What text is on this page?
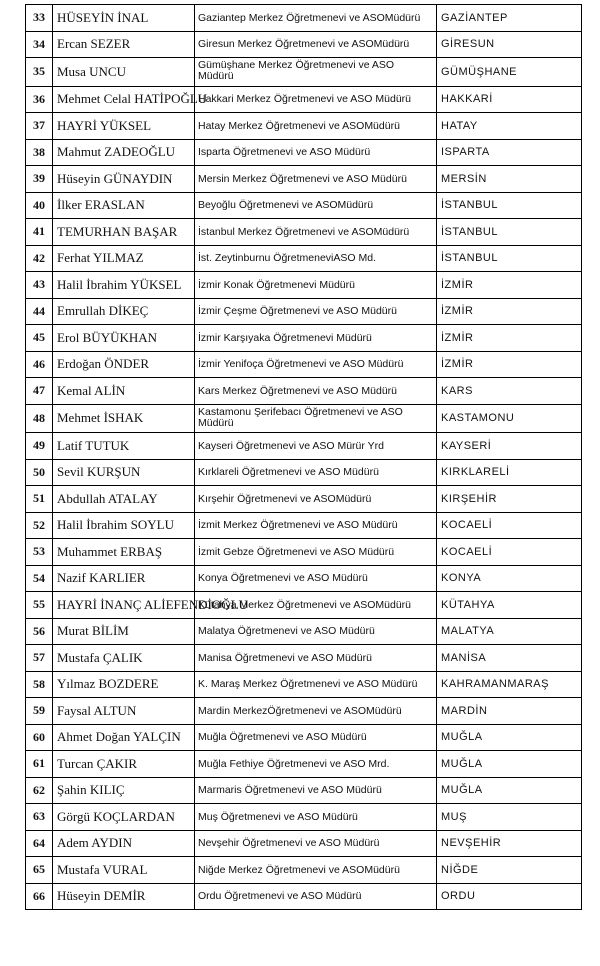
33	HÜSEYİN İNAL	Gaziantep Merkez Öğretmenevi ve ASOMüdürü	GAZİANTEP
34	Ercan SEZER	Giresun Merkez Öğretmenevi ve ASOMüdürü	GİRESUN
35	Musa UNCU	Gümüşhane Merkez Öğretmenevi ve ASO Müdürü	GÜMÜŞHANE
36	Mehmet Celal HATİPOĞLU	Hakkari Merkez Öğretmenevi ve ASO Müdürü	HAKKARİ
37	HAYRİ YÜKSEL	Hatay Merkez Öğretmenevi ve ASOMüdürü	HATAY
38	Mahmut ZADEOĞLU	Isparta Öğretmenevi ve ASO Müdürü	ISPARTA
39	Hüseyin GÜNAYDIN	Mersin Merkez Öğretmenevi ve ASO Müdürü	MERSİN
40	İlker ERASLAN	Beyoğlu Öğretmenevi ve ASOMüdürü	İSTANBUL
41	TEMURHAN BAŞAR	İstanbul Merkez Öğretmenevi ve ASOMüdürü	İSTANBUL
42	Ferhat YILMAZ	İst. Zeytinburnu ÖğretmeneviASO Md.	İSTANBUL
43	Halil İbrahim YÜKSEL	İzmir Konak Öğretmenevi Müdürü	İZMİR
44	Emrullah DİKEÇ	İzmir Çeşme Öğretmenevi ve ASO Müdürü	İZMİR
45	Erol BÜYÜKHAN	İzmir Karşıyaka Öğretmenevi Müdürü	İZMİR
46	Erdoğan ÖNDER	İzmir Yenifoça Öğretmenevi ve ASO Müdürü	İZMİR
47	Kemal ALİN	Kars Merkez Öğretmenevi ve ASO Müdürü	KARS
48	Mehmet İSHAK	Kastamonu Şerifebacı Öğretmenevi ve ASO Müdürü	KASTAMONU
49	Latif TUTUK	Kayseri Öğretmenevi ve ASO Mürür Yrd	KAYSERİ
50	Sevil KURŞUN	Kırklareli Öğretmenevi ve ASO Müdürü	KIRKLARELİ
51	Abdullah ATALAY	Kırşehir Öğretmenevi ve ASOMüdürü	KIRŞEHİR
52	Halil İbrahim SOYLU	İzmit Merkez Öğretmenevi ve ASO Müdürü	KOCAELİ
53	Muhammet ERBAŞ	İzmit Gebze Öğretmenevi ve ASO Müdürü	KOCAELİ
54	Nazif KARLIER	Konya Öğretmenevi ve ASO Müdürü	KONYA
55	HAYRİ İNANÇ ALİEFENDİOĞLU	Kütahya Merkez Öğretmenevi ve ASOMüdürü	KÜTAHYA
56	Murat BİLİM	Malatya Öğretmenevi ve ASO Müdürü	MALATYA
57	Mustafa ÇALIK	Manisa Öğretmenevi ve ASO Müdürü	MANİSA
58	Yılmaz BOZDERE	K. Maraş Merkez Öğretmenevi ve ASO Müdürü	KAHRAMANMARAŞ
59	Faysal ALTUN	Mardin MerkezÖğretmenevi ve ASOMüdürü	MARDİN
60	Ahmet Doğan YALÇIN	Muğla Öğretmenevi ve ASO Müdürü	MUĞLA
61	Turcan ÇAKIR	Muğla Fethiye Öğretmenevi ve ASO Mrd.	MUĞLA
62	Şahin KILIÇ	Marmaris Öğretmenevi ve ASO Müdürü	MUĞLA
63	Görgü KOÇLARDAN	Muş Öğretmenevi ve ASO Müdürü	MUŞ
64	Adem AYDIN	Nevşehir Öğretmenevi ve ASO Müdürü	NEVŞEHİR
65	Mustafa VURAL	Niğde Merkez Öğretmenevi ve ASOMüdürü	NİĞDE
66	Hüseyin DEMİR	Ordu Öğretmenevi ve ASO Müdürü	ORDU
